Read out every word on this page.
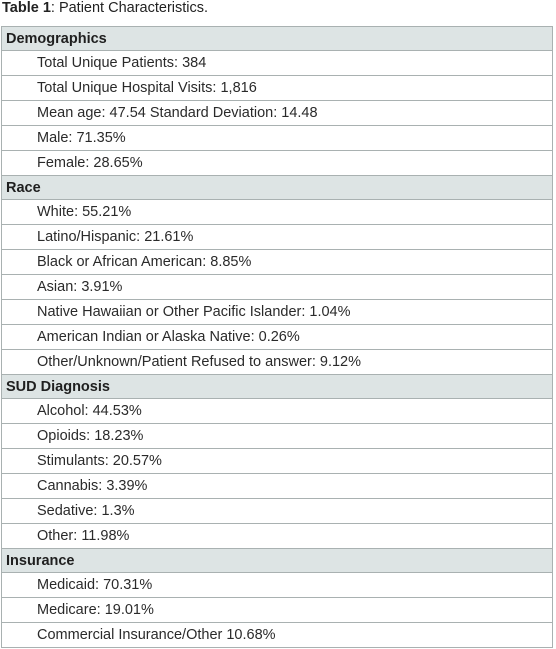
Table 1: Patient Characteristics.
Demographics
Total Unique Patients: 384
Total Unique Hospital Visits: 1,816
Mean age: 47.54 Standard Deviation: 14.48
Male: 71.35%
Female: 28.65%
Race
White: 55.21%
Latino/Hispanic: 21.61%
Black or African American: 8.85%
Asian: 3.91%
Native Hawaiian or Other Pacific Islander: 1.04%
American Indian or Alaska Native: 0.26%
Other/Unknown/Patient Refused to answer: 9.12%
SUD Diagnosis
Alcohol: 44.53%
Opioids: 18.23%
Stimulants: 20.57%
Cannabis: 3.39%
Sedative: 1.3%
Other: 11.98%
Insurance
Medicaid: 70.31%
Medicare: 19.01%
Commercial Insurance/Other 10.68%
